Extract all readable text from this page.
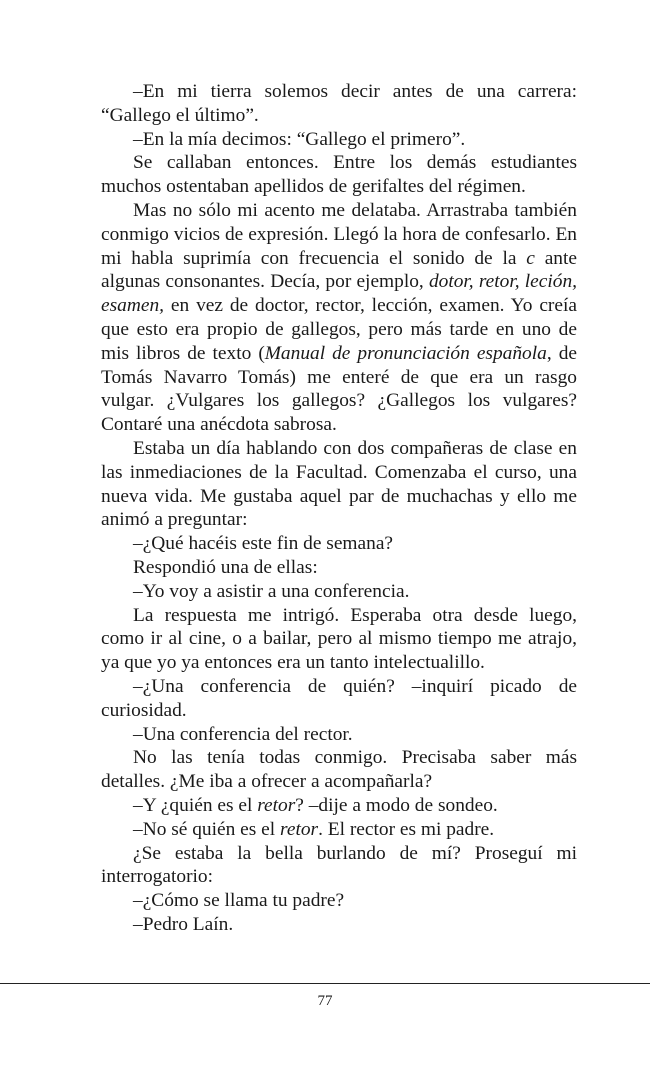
–En mi tierra solemos decir antes de una carrera: “Gallego el último”.

–En la mía decimos: “Gallego el primero”.

Se callaban entonces. Entre los demás estudiantes muchos ostentaban apellidos de gerifaltes del régimen.

Mas no sólo mi acento me delataba. Arrastraba también conmigo vicios de expresión. Llegó la hora de confesarlo. En mi habla suprimía con frecuencia el sonido de la c ante algunas consonantes. Decía, por ejemplo, dotor, retor, leción, esamen, en vez de doctor, rector, lección, examen. Yo creía que esto era propio de gallegos, pero más tarde en uno de mis libros de texto (Manual de pronunciación española, de Tomás Navarro Tomás) me enteré de que era un rasgo vulgar. ¿Vulgares los gallegos? ¿Gallegos los vulgares? Contaré una anécdota sabrosa.

Estaba un día hablando con dos compañeras de clase en las inmediaciones de la Facultad. Comenzaba el curso, una nueva vida. Me gustaba aquel par de muchachas y ello me animó a preguntar:

–¿Qué hacéis este fin de semana?

Respondió una de ellas:

–Yo voy a asistir a una conferencia.

La respuesta me intrigó. Esperaba otra desde luego, como ir al cine, o a bailar, pero al mismo tiempo me atrajo, ya que yo ya entonces era un tanto intelectualillo.

–¿Una conferencia de quién? –inquirí picado de curiosidad.

–Una conferencia del rector.

No las tenía todas conmigo. Precisaba saber más detalles. ¿Me iba a ofrecer a acompañarla?

–Y ¿quién es el retor? –dije a modo de sondeo.

–No sé quién es el retor. El rector es mi padre.

¿Se estaba la bella burlando de mí? Proseguí mi interrogatorio:

–¿Cómo se llama tu padre?

–Pedro Laín.

77
